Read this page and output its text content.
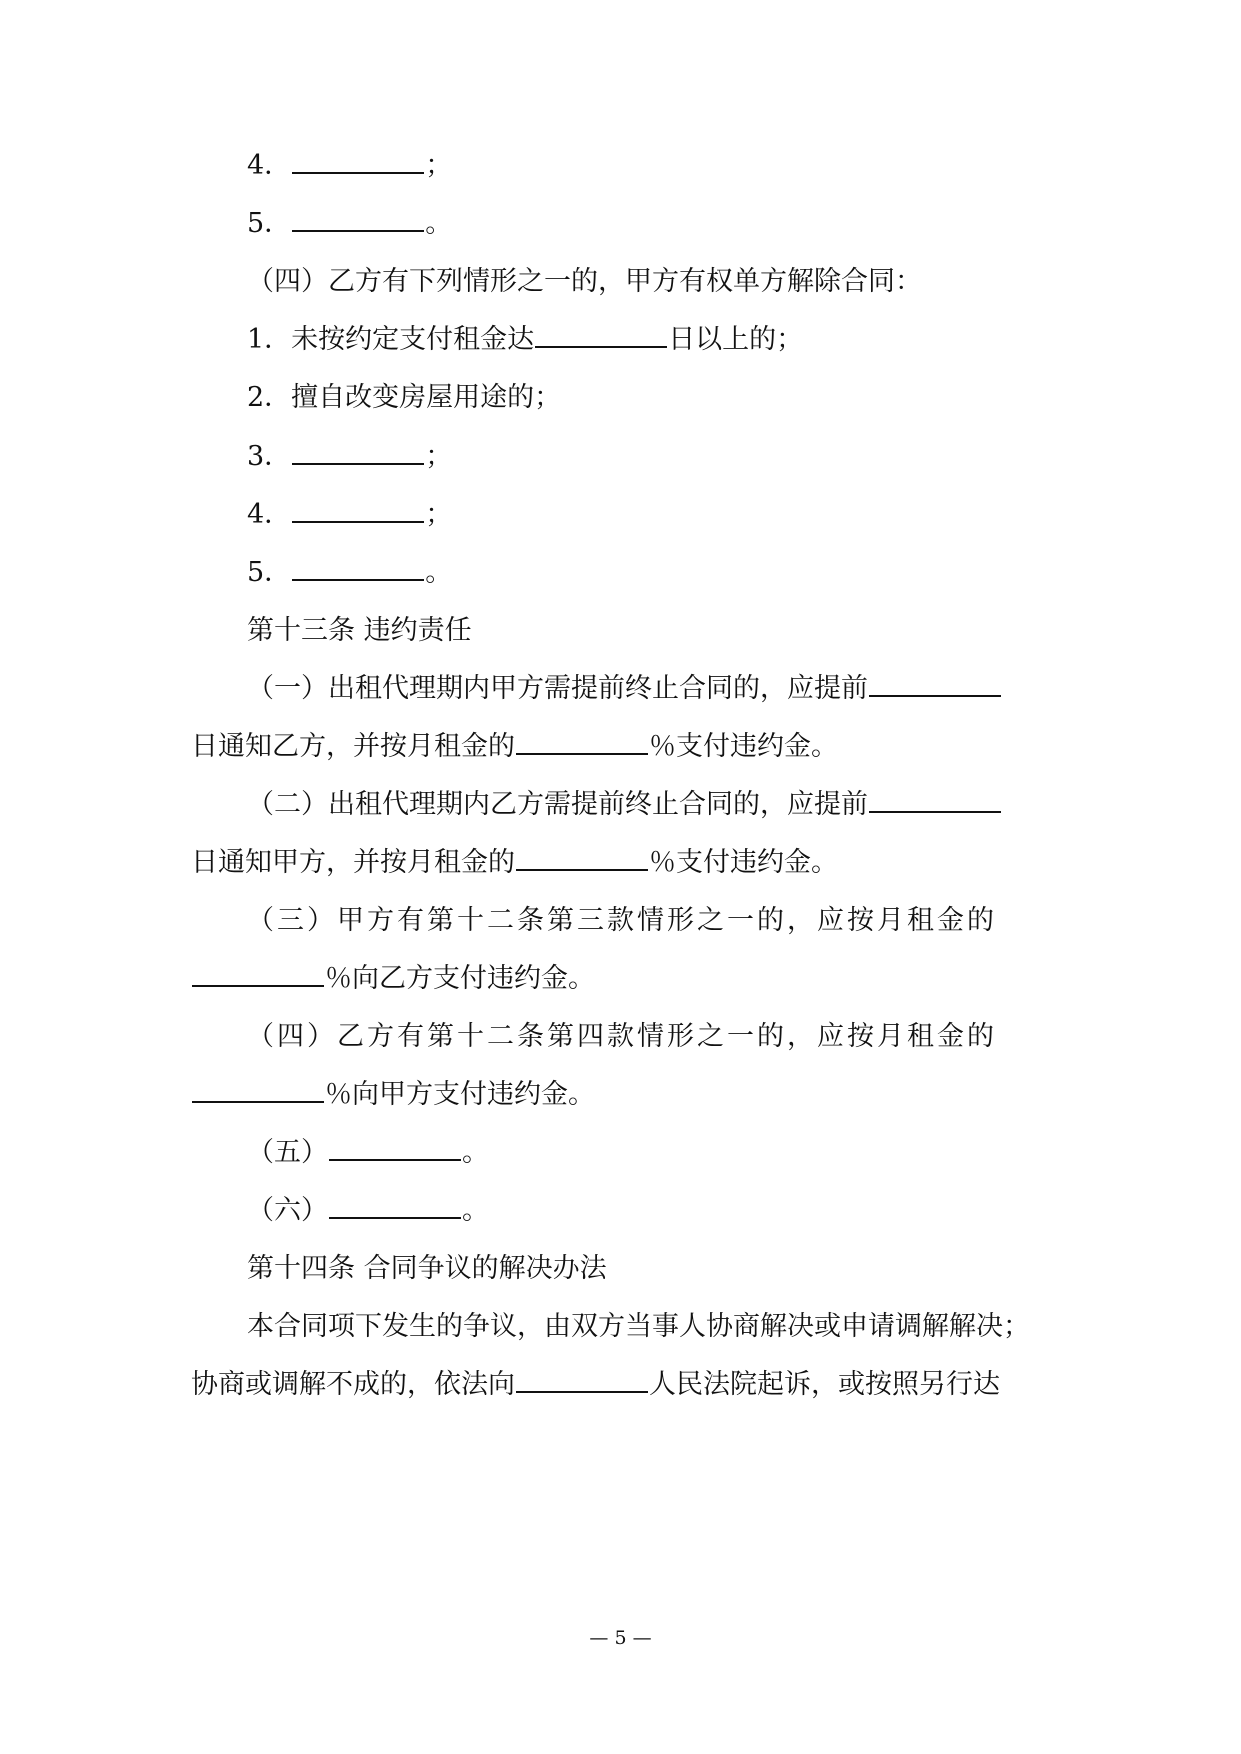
4．	；
5．	。
（四）乙方有下列情形之一的，甲方有权单方解除合同：
1．未按约定支付租金达	日以上的；
2．擅自改变房屋用途的；
3．	；
4．	；
5．	。
第十三条 违约责任
（一）出租代理期内甲方需提前终止合同的，应提前
日通知乙方，并按月租金的	％支付违约金。
（二）出租代理期内乙方需提前终止合同的，应提前
日通知甲方，并按月租金的	％支付违约金。
（三）甲方有第十二条第三款情形之一的，应按月租金的
％向乙方支付违约金。
（四）乙方有第十二条第四款情形之一的，应按月租金的
％向甲方支付违约金。
（五）	。
（六）	。
第十四条 合同争议的解决办法
本合同项下发生的争议，由双方当事人协商解决或申请调解解决；
协商或调解不成的，依法向	人民法院起诉，或按照另行达
— 5 —
